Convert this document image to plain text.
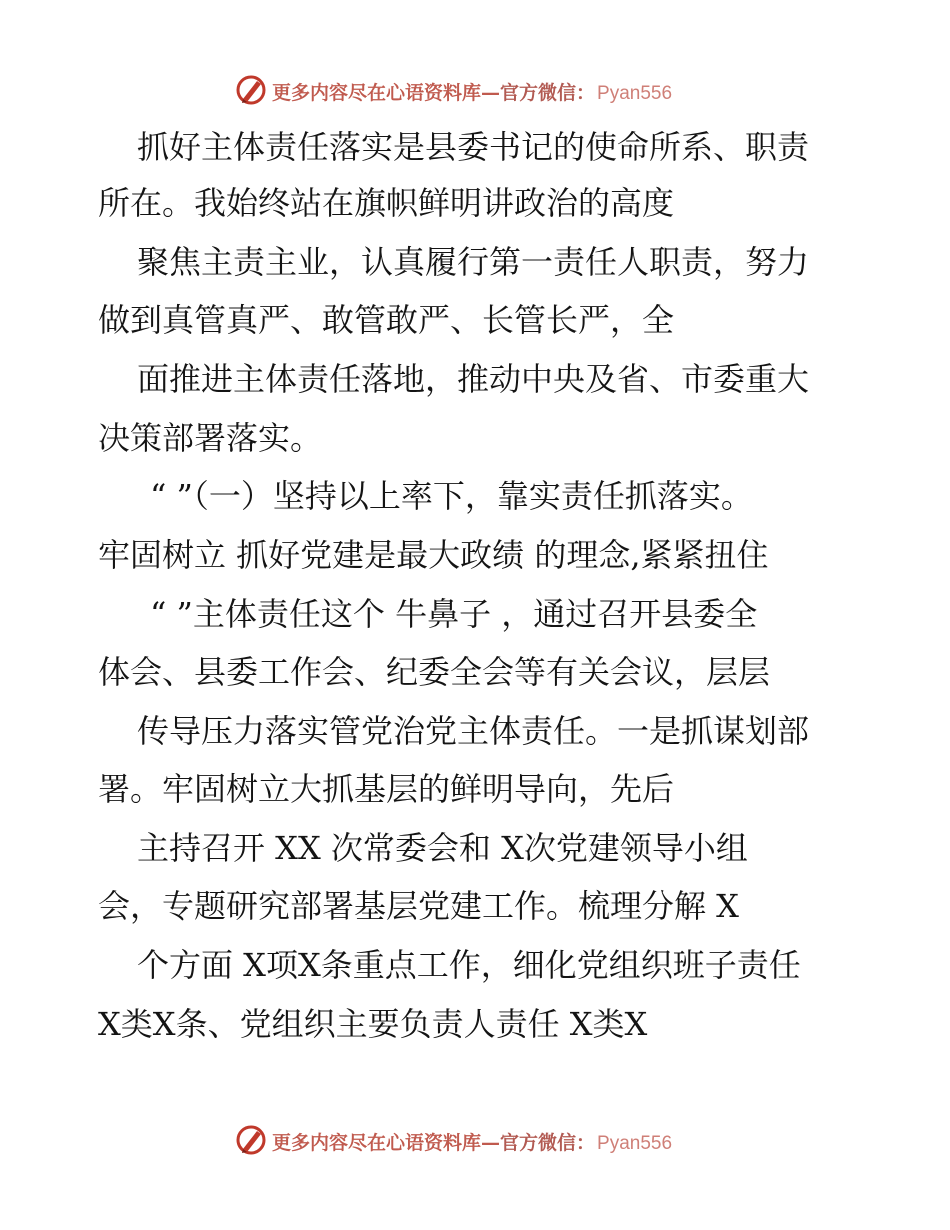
更多内容尽在心语资料库—官方微信： Pyan556
抓好主体责任落实是县委书记的使命所系、职责
所在。我始终站在旗帜鲜明讲政治的高度
聚焦主责主业，认真履行第一责任人职责，努力
做到真管真严、敢管敢严、长管长严，全
面推进主体责任落地，推动中央及省、市委重大
决策部署落实。
“ ”（一）坚持以上率下，靠实责任抓落实。
牢固树立 抓好党建是最大政绩 的理念,紧紧扭住
“ ”主体责任这个 牛鼻子 ，通过召开县委全
体会、县委工作会、纪委全会等有关会议，层层
传导压力落实管党治党主体责任。一是抓谋划部
署。牢固树立大抓基层的鲜明导向，先后
主持召开 XX 次常委会和 X次党建领导小组
会，专题研究部署基层党建工作。梳理分解 X
个方面 X项X条重点工作，细化党组织班子责任
X类X条、党组织主要负责人责任 X类X
更多内容尽在心语资料库—官方微信： Pyan556
